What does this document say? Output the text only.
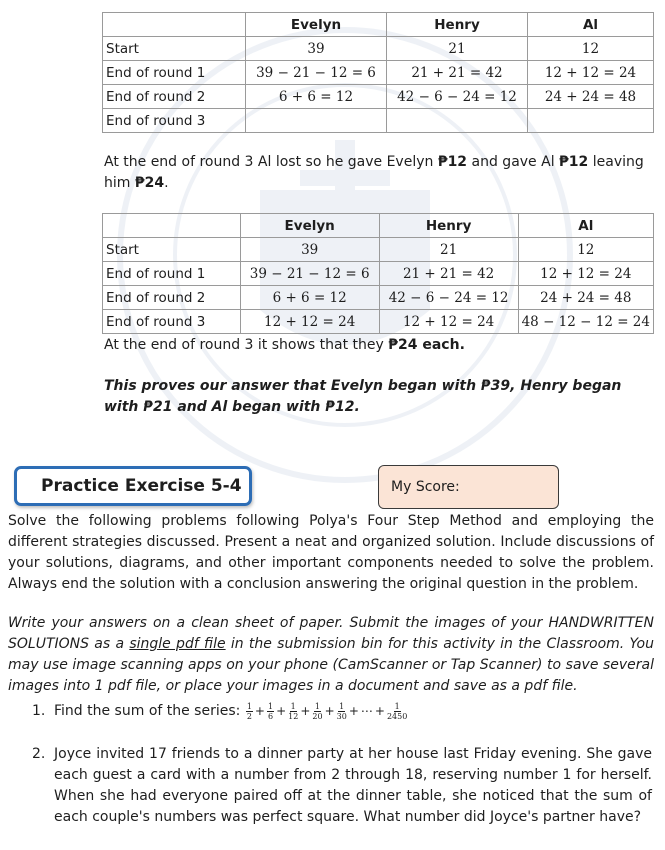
	Evelyn	Henry	Al
Start	39	21	12
End of round 1	39 − 21 − 12 = 6	21 + 21 = 42	12 + 12 = 24
End of round 2	6 + 6 = 12	42 − 6 − 24 = 12	24 + 24 = 48
End of round 3			

At the end of round 3 Al lost so he gave Evelyn ₱12 and gave Al ₱12 leaving him ₱24.

	Evelyn	Henry	Al
Start	39	21	12
End of round 1	39 − 21 − 12 = 6	21 + 21 = 42	12 + 12 = 24
End of round 2	6 + 6 = 12	42 − 6 − 24 = 12	24 + 24 = 48
End of round 3	12 + 12 = 24	12 + 12 = 24	48 − 12 − 12 = 24

At the end of round 3 it shows that they ₱24 each.

This proves our answer that Evelyn began with ₱39, Henry began with ₱21 and Al began with ₱12.

Practice Exercise 5-4	My Score:

Solve the following problems following Polya's Four Step Method and employing the different strategies discussed. Present a neat and organized solution. Include discussions of your solutions, diagrams, and other important components needed to solve the problem. Always end the solution with a conclusion answering the original question in the problem.

Write your answers on a clean sheet of paper. Submit the images of your HANDWRITTEN SOLUTIONS as a single pdf file in the submission bin for this activity in the Classroom. You may use image scanning apps on your phone (CamScanner or Tap Scanner) to save several images into 1 pdf file, or place your images in a document and save as a pdf file.

1. Find the sum of the series: $\frac{1}{2} + \frac{1}{6} + \frac{1}{12} + \frac{1}{20} + \frac{1}{30}$ + ⋯ + $\frac{1}{2450}$
2. Joyce invited 17 friends to a dinner party at her house last Friday evening. She gave each guest a card with a number from 2 through 18, reserving number 1 for herself. When she had everyone paired off at the dinner table, she noticed that the sum of each couple's numbers was perfect square. What number did Joyce's partner have?
